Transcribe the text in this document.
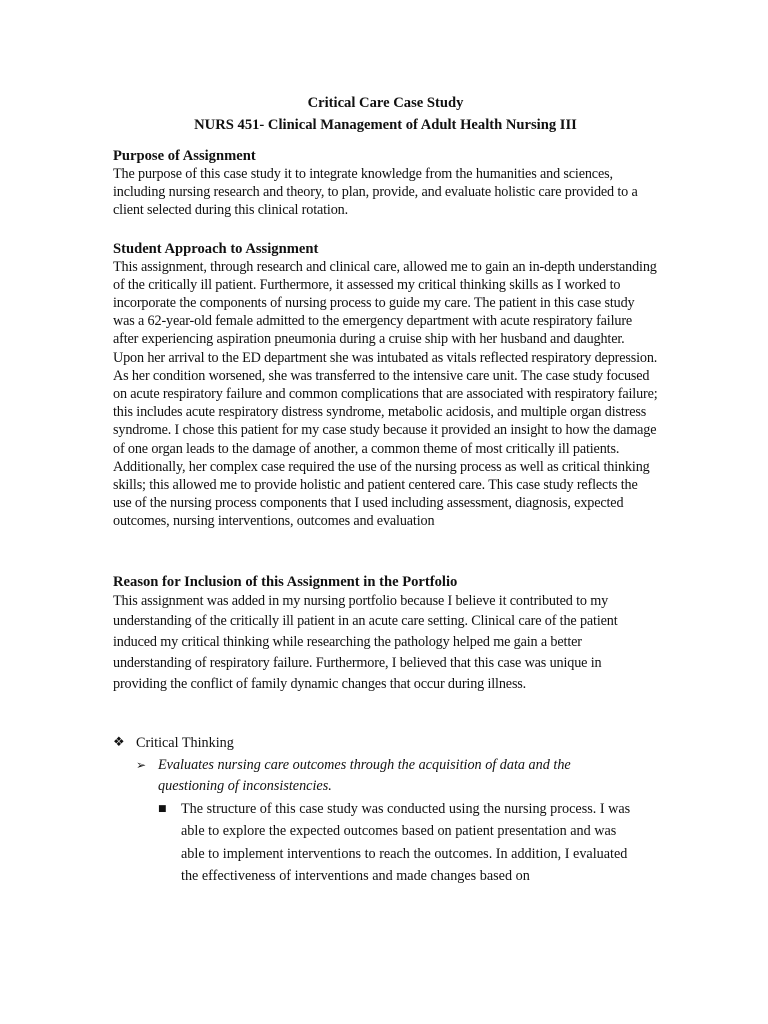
Critical Care Case Study

NURS 451- Clinical Management of Adult Health Nursing III

Purpose of Assignment

The purpose of this case study it to integrate knowledge from the humanities and sciences, including nursing research and theory, to plan, provide, and evaluate holistic care provided to a client selected during this clinical rotation.

Student Approach to Assignment

This assignment, through research and clinical care, allowed me to gain an in-depth understanding of the critically ill patient. Furthermore, it assessed my critical thinking skills as I worked to incorporate the components of nursing process to guide my care. The patient in this case study was a 62-year-old female admitted to the emergency department with acute respiratory failure after experiencing aspiration pneumonia during a cruise ship with her husband and daughter. Upon her arrival to the ED department she was intubated as vitals reflected respiratory depression. As her condition worsened, she was transferred to the intensive care unit. The case study focused on acute respiratory failure and common complications that are associated with respiratory failure; this includes acute respiratory distress syndrome, metabolic acidosis, and multiple organ distress syndrome. I chose this patient for my case study because it provided an insight to how the damage of one organ leads to the damage of another, a common theme of most critically ill patients. Additionally, her complex case required the use of the nursing process as well as critical thinking skills; this allowed me to provide holistic and patient centered care. This case study reflects the use of the nursing process components that I used including assessment, diagnosis, expected outcomes, nursing interventions, outcomes and evaluation

Reason for Inclusion of this Assignment in the Portfolio

This assignment was added in my nursing portfolio because I believe it contributed to my understanding of the critically ill patient in an acute care setting. Clinical care of the patient induced my critical thinking while researching the pathology helped me gain a better understanding of respiratory failure. Furthermore, I believed that this case was unique in providing the conflict of family dynamic changes that occur during illness.

❖ Critical Thinking
➢ Evaluates nursing care outcomes through the acquisition of data and the questioning of inconsistencies.
■	The structure of this case study was conducted using the nursing process. I was able to explore the expected outcomes based on patient presentation and was able to implement interventions to reach the outcomes. In addition, I evaluated the effectiveness of interventions and made changes based on
